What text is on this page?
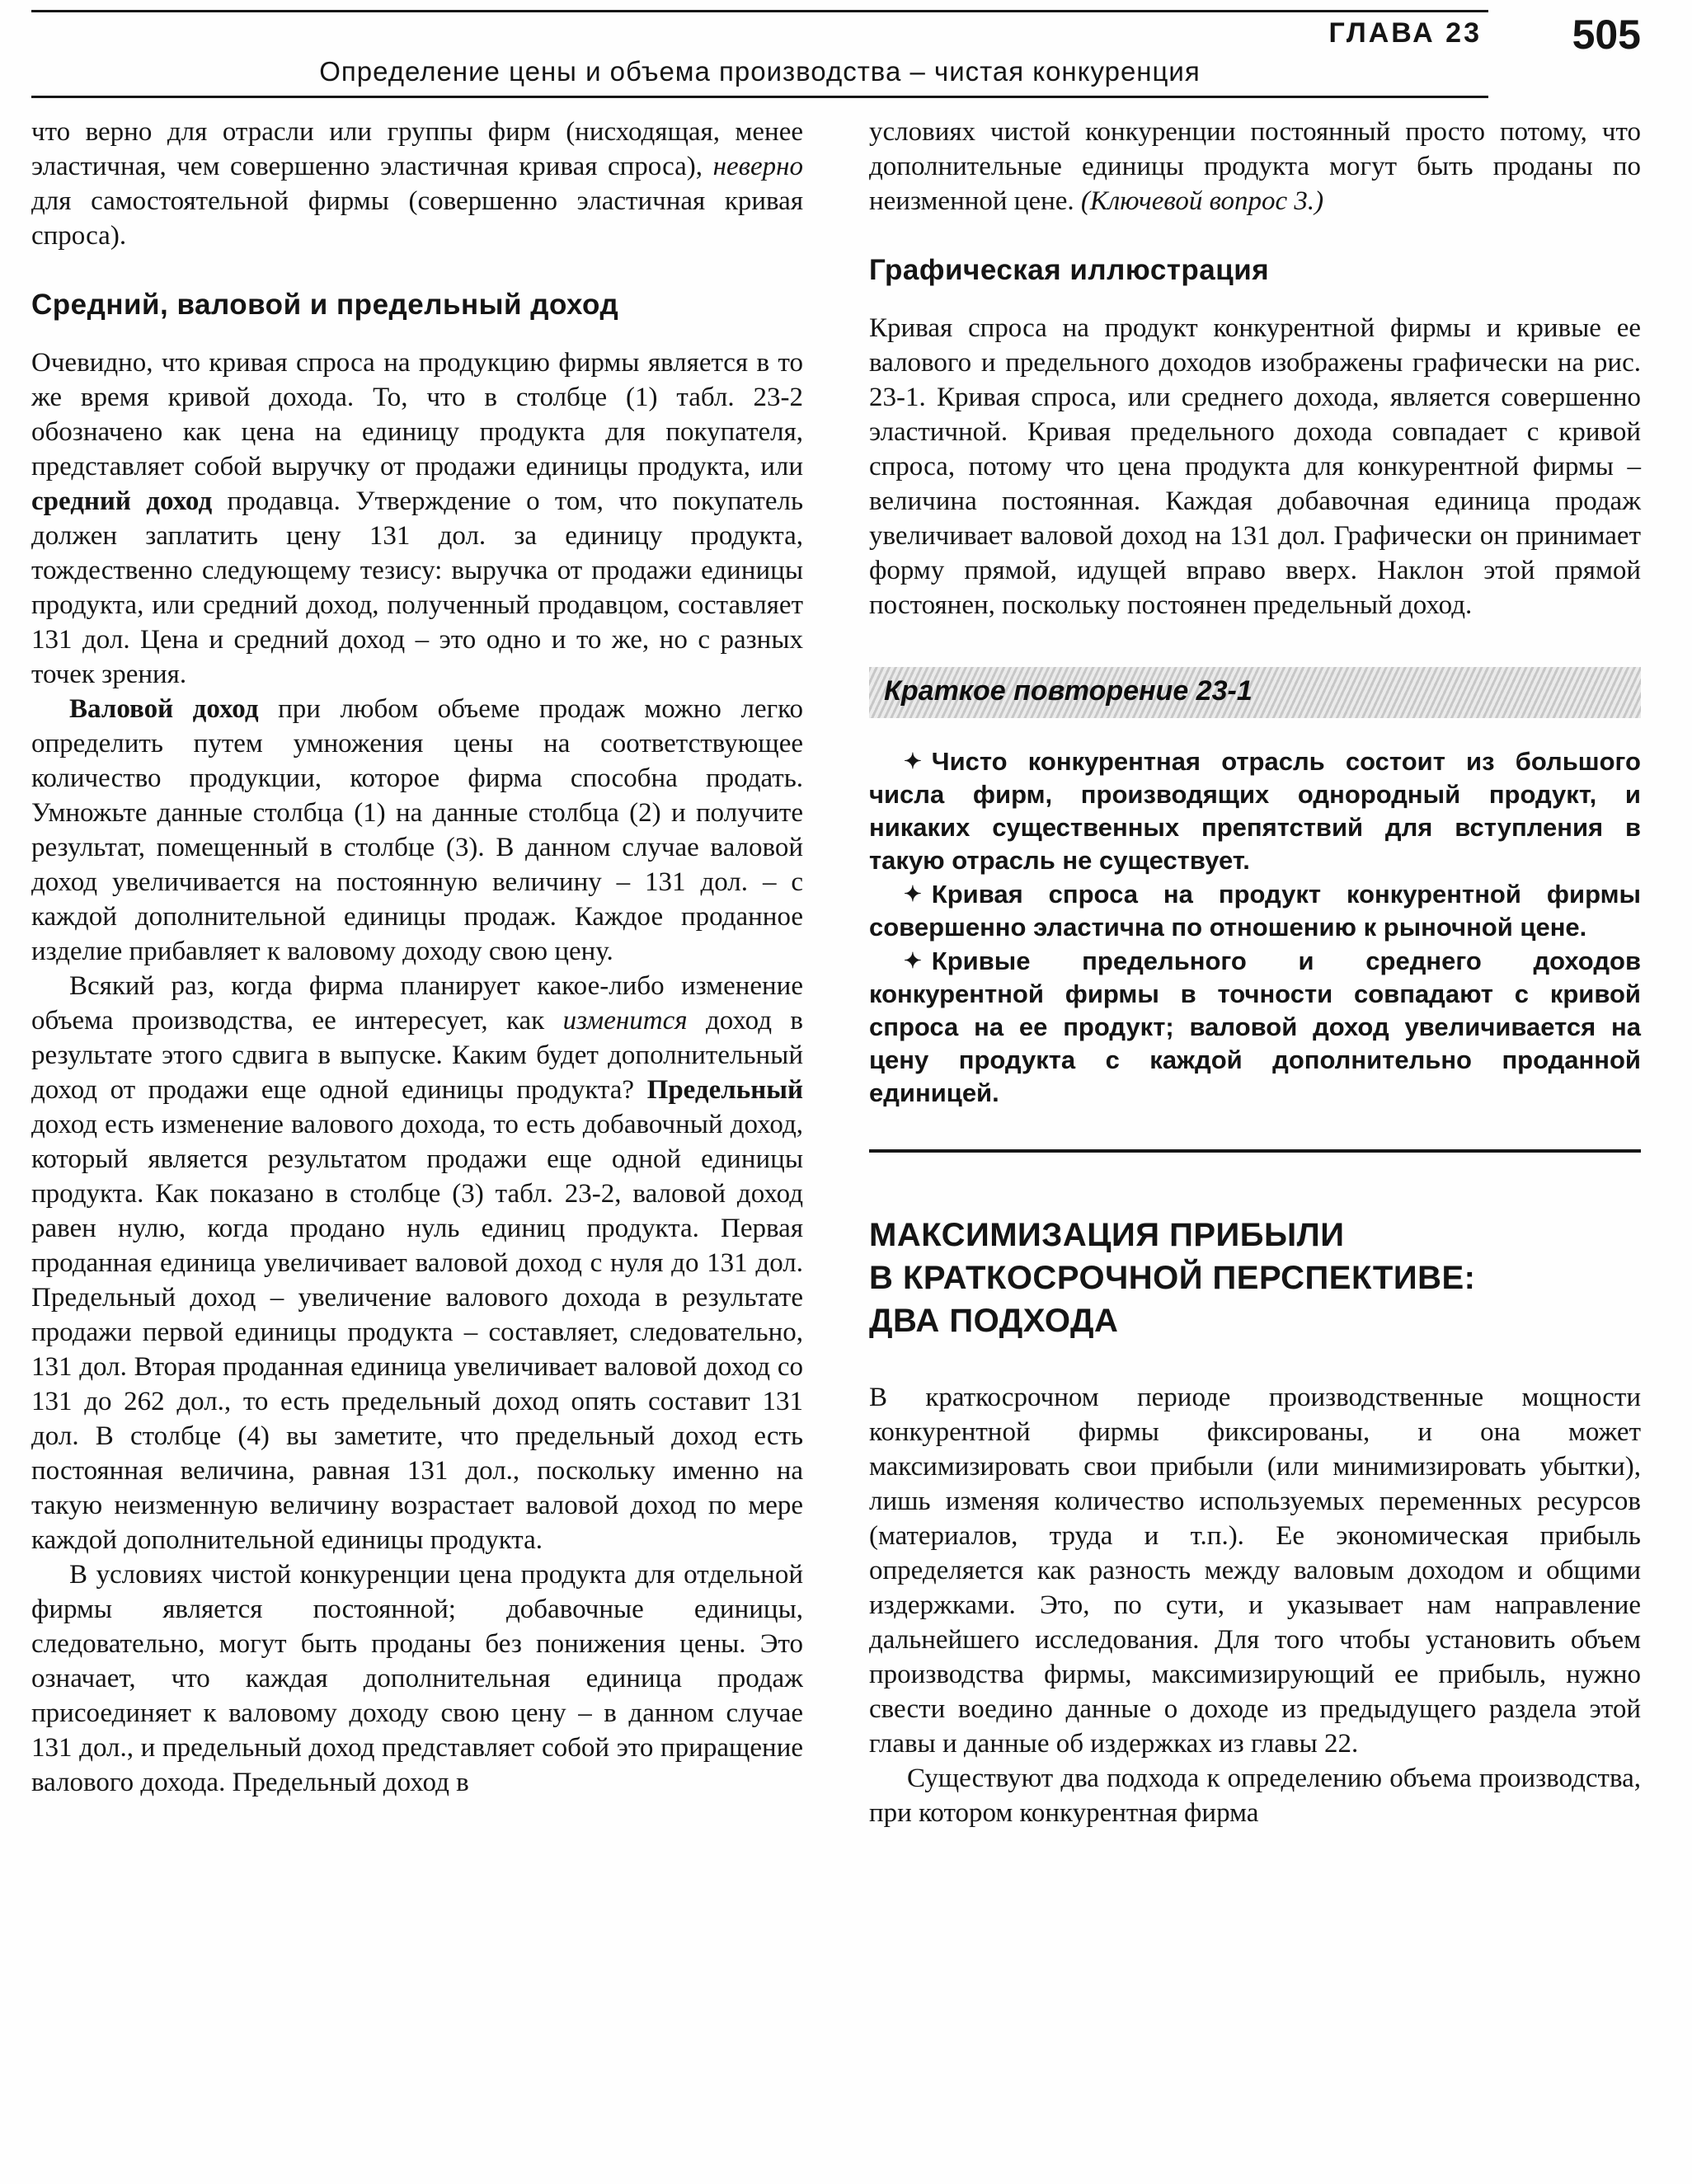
ГЛАВА 23
Определение цены и объема производства – чистая конкуренция
505

что верно для отрасли или группы фирм (нисходящая, менее эластичная, чем совершенно эластичная кривая спроса), неверно для самостоятельной фирмы (совершенно эластичная кривая спроса).

Средний, валовой и предельный доход

Очевидно, что кривая спроса на продукцию фирмы является в то же время кривой дохода. То, что в столбце (1) табл. 23-2 обозначено как цена на единицу продукта для покупателя, представляет собой выручку от продажи единицы продукта, или средний доход продавца. Утверждение о том, что покупатель должен заплатить цену 131 дол. за единицу продукта, тождественно следующему тезису: выручка от продажи единицы продукта, или средний доход, полученный продавцом, составляет 131 дол. Цена и средний доход – это одно и то же, но с разных точек зрения.

Валовой доход при любом объеме продаж можно легко определить путем умножения цены на соответствующее количество продукции, которое фирма способна продать. Умножьте данные столбца (1) на данные столбца (2) и получите результат, помещенный в столбце (3). В данном случае валовой доход увеличивается на постоянную величину – 131 дол. – с каждой дополнительной единицы продаж. Каждое проданное изделие прибавляет к валовому доходу свою цену.

Всякий раз, когда фирма планирует какое-либо изменение объема производства, ее интересует, как изменится доход в результате этого сдвига в выпуске. Каким будет дополнительный доход от продажи еще одной единицы продукта? Предельный доход есть изменение валового дохода, то есть добавочный доход, который является результатом продажи еще одной единицы продукта. Как показано в столбце (3) табл. 23-2, валовой доход равен нулю, когда продано нуль единиц продукта. Первая проданная единица увеличивает валовой доход с нуля до 131 дол. Предельный доход – увеличение валового дохода в результате продажи первой единицы продукта – составляет, следовательно, 131 дол. Вторая проданная единица увеличивает валовой доход со 131 до 262 дол., то есть предельный доход опять составит 131 дол. В столбце (4) вы заметите, что предельный доход есть постоянная величина, равная 131 дол., поскольку именно на такую неизменную величину возрастает валовой доход по мере каждой дополнительной единицы продукта.

В условиях чистой конкуренции цена продукта для отдельной фирмы является постоянной; добавочные единицы, следовательно, могут быть проданы без понижения цены. Это означает, что каждая дополнительная единица продаж присоединяет к валовому доходу свою цену – в данном случае 131 дол., и предельный доход представляет собой это приращение валового дохода. Предельный доход в

условиях чистой конкуренции постоянный просто потому, что дополнительные единицы продукта могут быть проданы по неизменной цене. (Ключевой вопрос 3.)

Графическая иллюстрация

Кривая спроса на продукт конкурентной фирмы и кривые ее валового и предельного доходов изображены графически на рис. 23-1. Кривая спроса, или среднего дохода, является совершенно эластичной. Кривая предельного дохода совпадает с кривой спроса, потому что цена продукта для конкурентной фирмы – величина постоянная. Каждая добавочная единица продаж увеличивает валовой доход на 131 дол. Графически он принимает форму прямой, идущей вправо вверх. Наклон этой прямой постоянен, поскольку постоянен предельный доход.

Краткое повторение 23-1

✦ Чисто конкурентная отрасль состоит из большого числа фирм, производящих однородный продукт, и никаких существенных препятствий для вступления в такую отрасль не существует.

✦ Кривая спроса на продукт конкурентной фирмы совершенно эластична по отношению к рыночной цене.

✦ Кривые предельного и среднего доходов конкурентной фирмы в точности совпадают с кривой спроса на ее продукт; валовой доход увеличивается на цену продукта с каждой дополнительно проданной единицей.

МАКСИМИЗАЦИЯ ПРИБЫЛИ
В КРАТКОСРОЧНОЙ ПЕРСПЕКТИВЕ:
ДВА ПОДХОДА

В краткосрочном периоде производственные мощности конкурентной фирмы фиксированы, и она может максимизировать свои прибыли (или минимизировать убытки), лишь изменяя количество используемых переменных ресурсов (материалов, труда и т.п.). Ее экономическая прибыль определяется как разность между валовым доходом и общими издержками. Это, по сути, и указывает нам направление дальнейшего исследования. Для того чтобы установить объем производства фирмы, максимизирующий ее прибыль, нужно свести воедино данные о доходе из предыдущего раздела этой главы и данные об издержках из главы 22.

Существуют два подхода к определению объема производства, при котором конкурентная фирма
